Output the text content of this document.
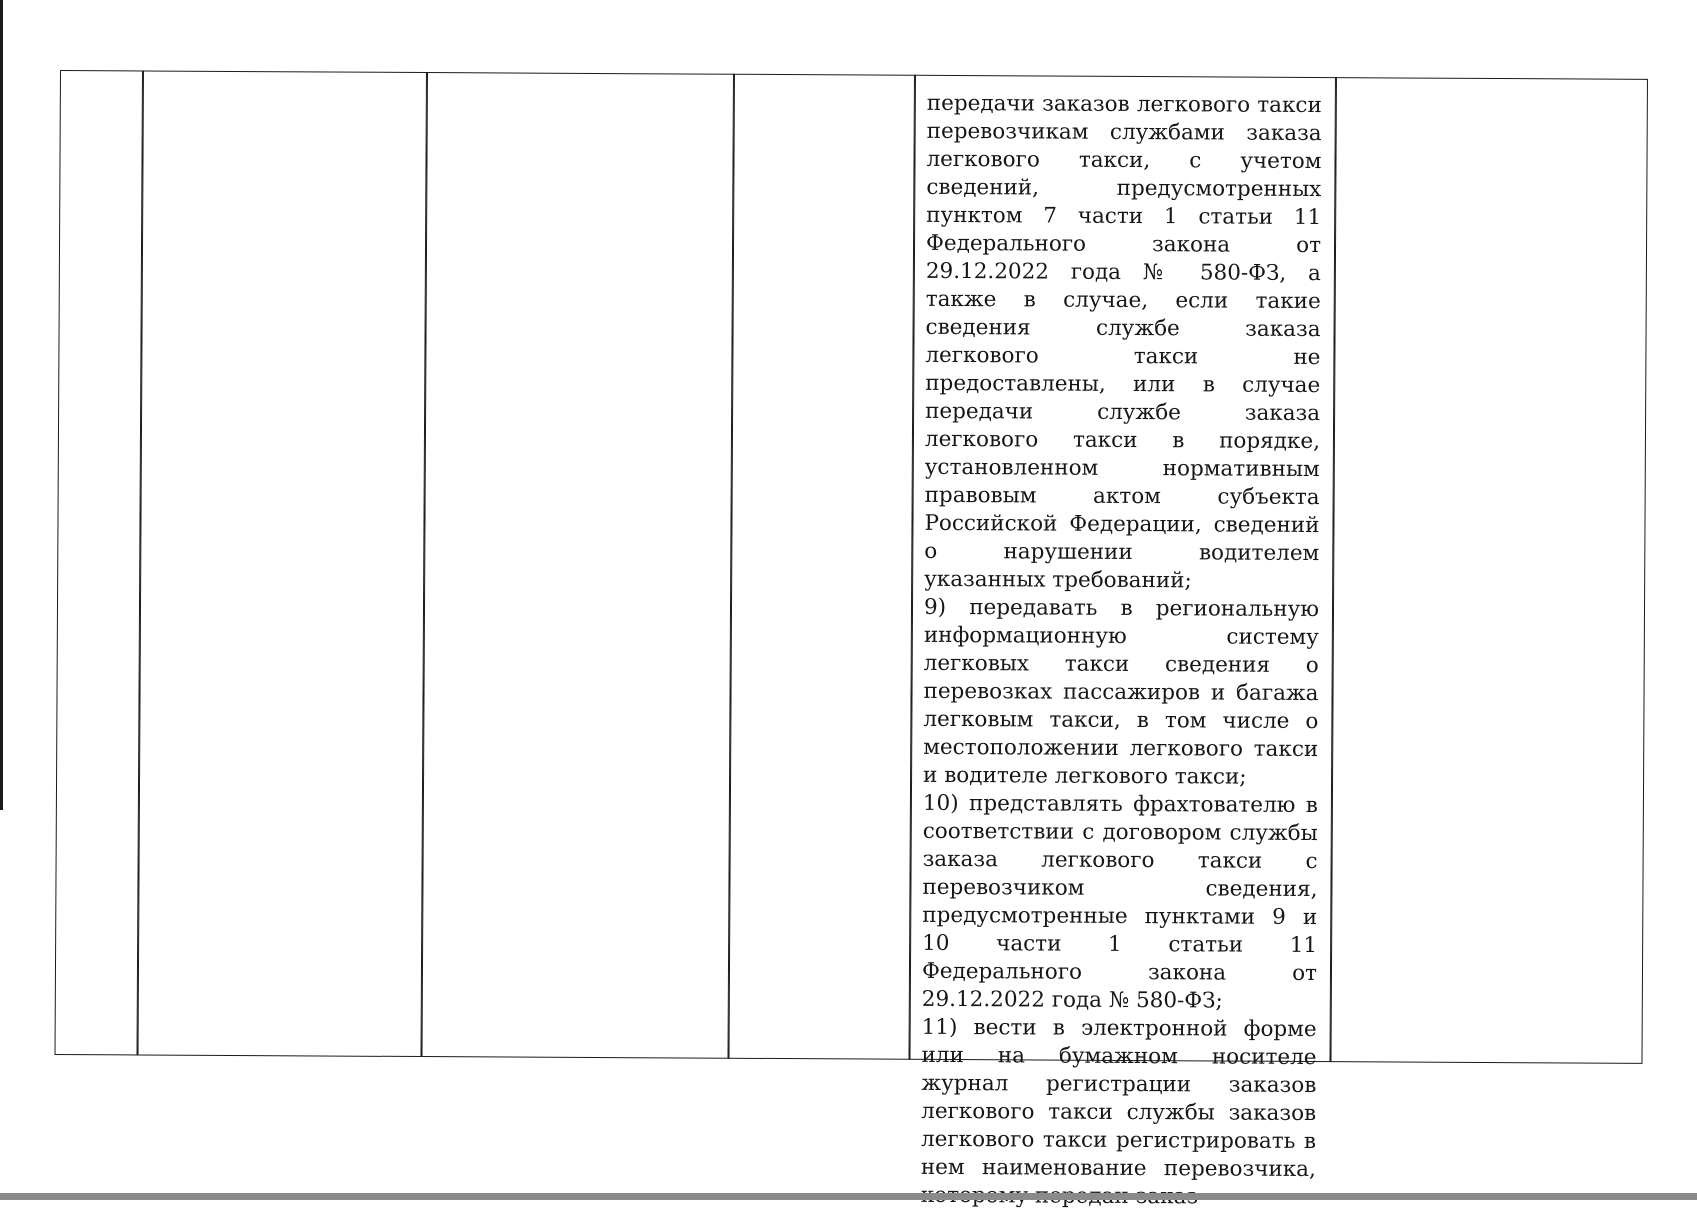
передачи заказов легкового такси перевозчикам службами заказа легкового такси, с учетом сведений, предусмотренных пунктом 7 части 1 статьи 11 Федерального закона от 29.12.2022 года № 580-ФЗ, а также в случае, если такие сведения службе заказа легкового такси не предоставлены, или в случае передачи службе заказа легкового такси в порядке, установленном нормативным правовым актом субъекта Российской Федерации, сведений о нарушении водителем указанных требований;

9) передавать в региональную информационную систему легковых такси сведения о перевозках пассажиров и багажа легковым такси, в том числе о местоположении легкового такси и водителе легкового такси;

10) представлять фрахтователю в соответствии с договором службы заказа легкового такси с перевозчиком сведения, предусмотренные пунктами 9 и 10 части 1 статьи 11 Федерального закона от 29.12.2022 года № 580-ФЗ;

11) вести в электронной форме или на бумажном носителе журнал регистрации заказов легкового такси службы заказов легкового такси регистрировать в нем наименование перевозчика,
